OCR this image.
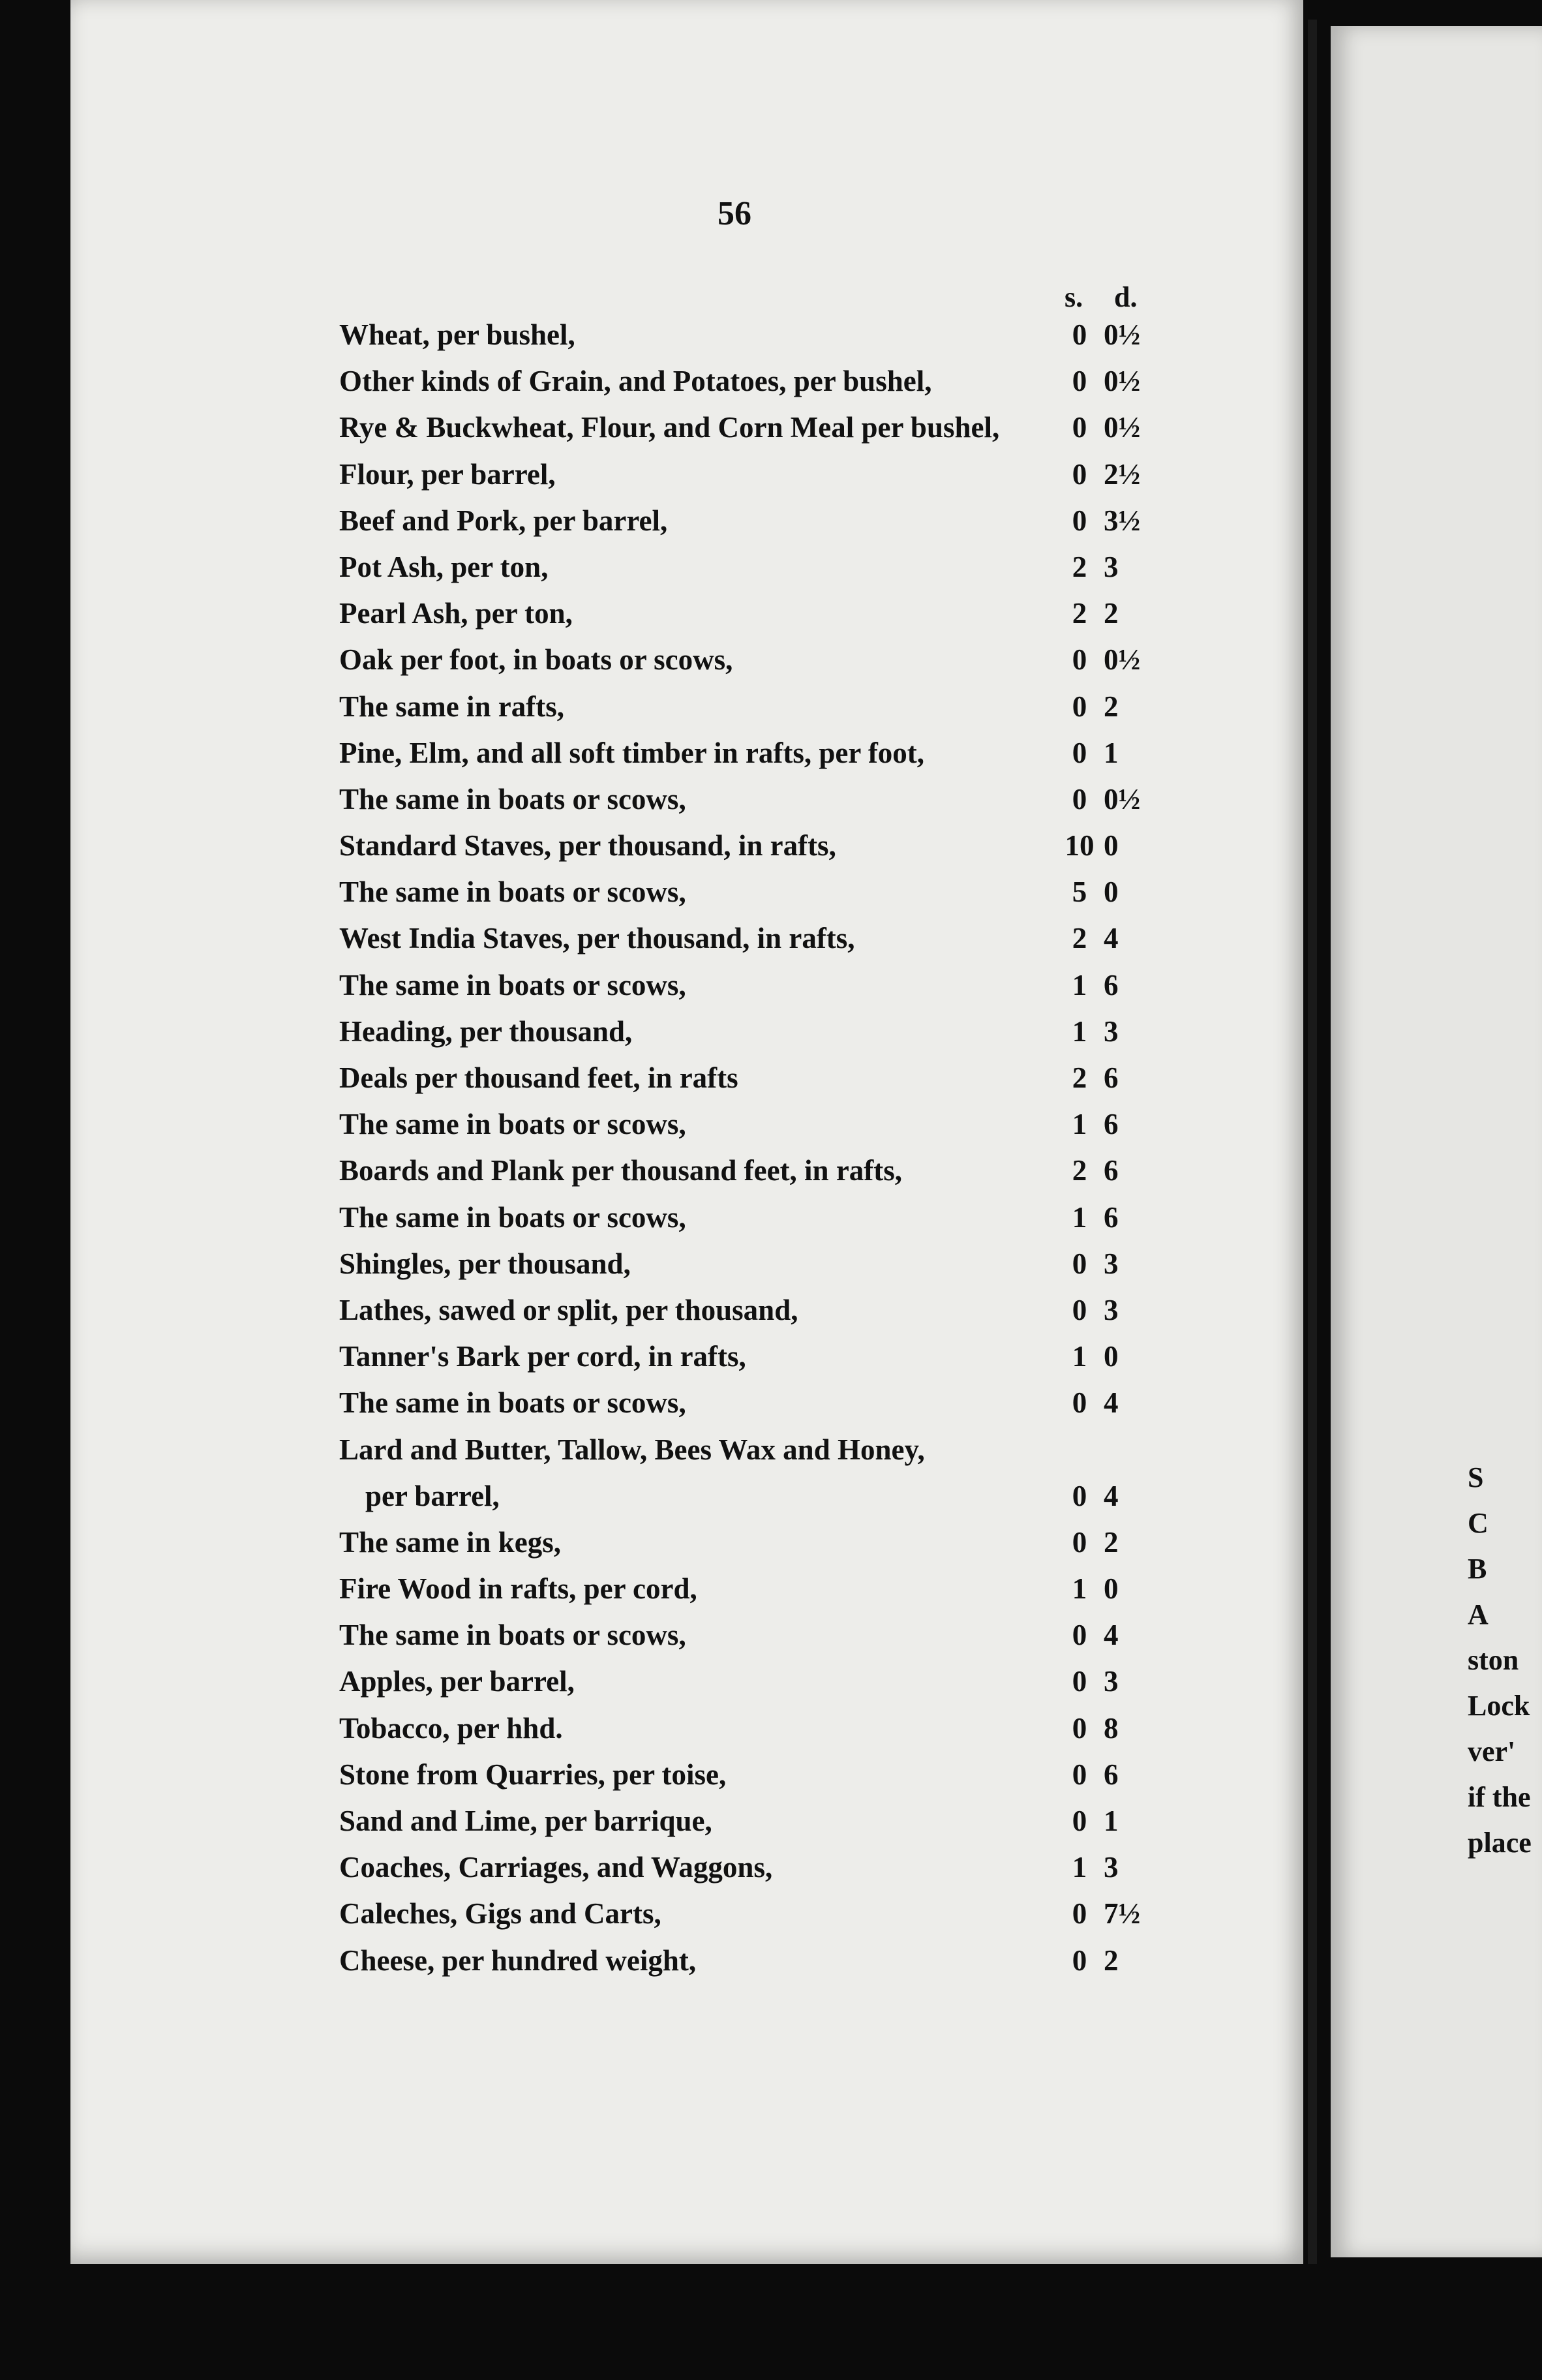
56
s. d.
Wheat, per bushel,	0 0½
Other kinds of Grain, and Potatoes, per bushel,	0 0½
Rye & Buckwheat, Flour, and Corn Meal per bushel,	0 0½
Flour, per barrel,	0 2½
Beef and Pork, per barrel,	0 3½
Pot Ash, per ton,	2 3
Pearl Ash, per ton,	2 2
Oak per foot, in boats or scows,	0 0½
The same in rafts,	0 2
Pine, Elm, and all soft timber in rafts, per foot,	0 1
The same in boats or scows,	0 0½
Standard Staves, per thousand, in rafts,	10 0
The same in boats or scows,	5 0
West India Staves, per thousand, in rafts,	2 4
The same in boats or scows,	1 6
Heading, per thousand,	1 3
Deals per thousand feet, in rafts	2 6
The same in boats or scows,	1 6
Boards and Plank per thousand feet, in rafts,	2 6
The same in boats or scows,	1 6
Shingles, per thousand,	0 3
Lathes, sawed or split, per thousand,	0 3
Tanner's Bark per cord, in rafts,	1 0
The same in boats or scows,	0 4
Lard and Butter, Tallow, Bees Wax and Honey,
per barrel,	0 4
The same in kegs,	0 2
Fire Wood in rafts, per cord,	1 0
The same in boats or scows,	0 4
Apples, per barrel,	0 3
Tobacco, per hhd.	0 8
Stone from Quarries, per toise,	0 6
Sand and Lime, per barrique,	0 1
Coaches, Carriages, and Waggons,	1 3
Caleches, Gigs and Carts,	0 7½
Cheese, per hundred weight,	0 2
S
C
B
A
ston
Lock
ver'
if the
place
